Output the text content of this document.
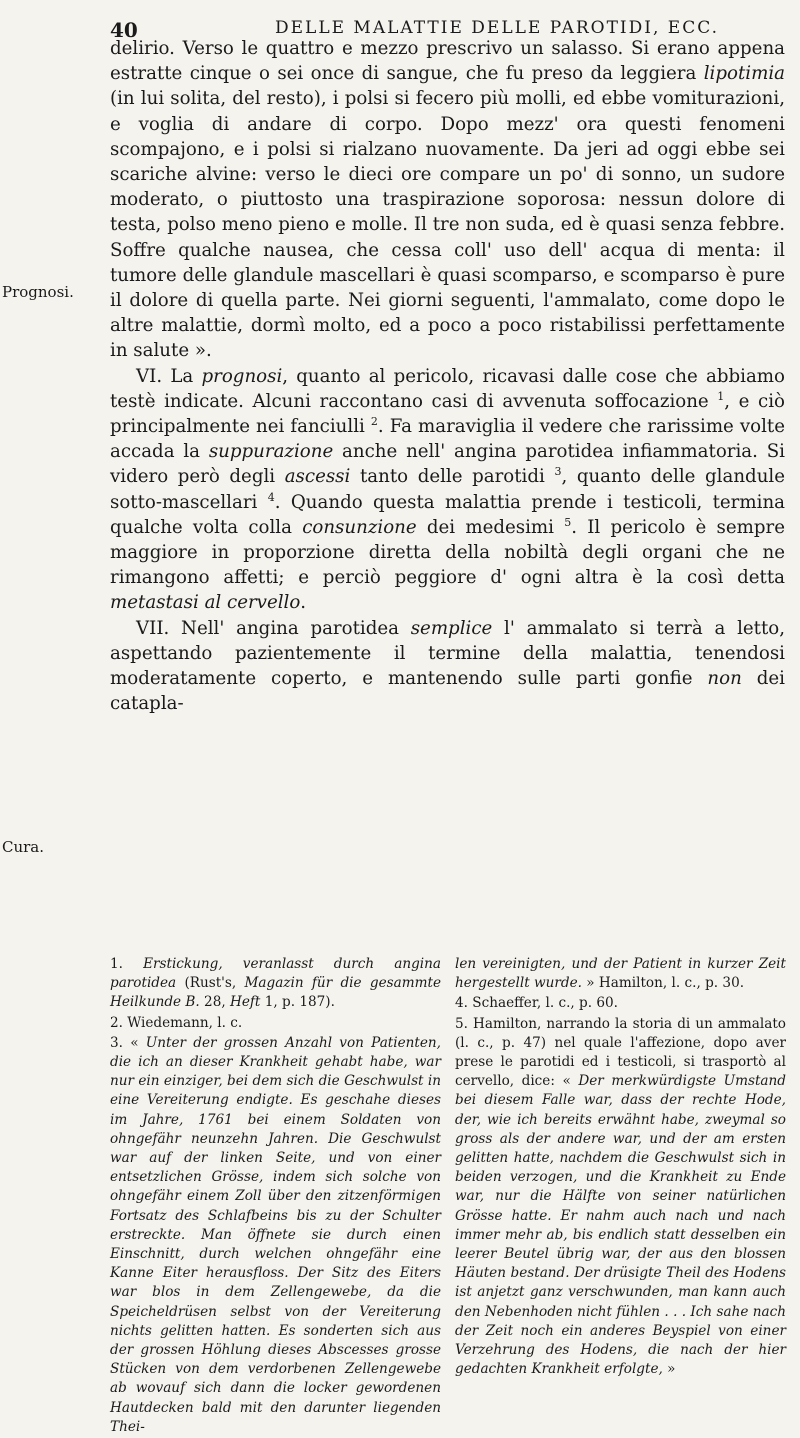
40	DELLE MALATTIE DELLE PAROTIDI, ECC.
Prognosi.
Cura.

delirio. Verso le quattro e mezzo prescrivo un salasso. Si erano appena estratte cinque o sei once di sangue, che fu preso da leggiera lipotimia (in lui solita, del resto), i polsi si fecero più molli, ed ebbe vomiturazioni, e voglia di andare di corpo. Dopo mezz' ora questi fenomeni scompajono, e i polsi si rialzano nuovamente. Da jeri ad oggi ebbe sei scariche alvine: verso le dieci ore compare un po' di sonno, un sudore moderato, o piuttosto una traspirazione soporosa: nessun dolore di testa, polso meno pieno e molle. Il tre non suda, ed è quasi senza febbre. Soffre qualche nausea, che cessa coll' uso dell' acqua di menta: il tumore delle glandule mascellari è quasi scomparso, e scomparso è pure il dolore di quella parte. Nei giorni seguenti, l'ammalato, come dopo le altre malattie, dormì molto, ed a poco a poco ristabilissi perfettamente in salute ».

VI. La prognosi, quanto al pericolo, ricavasi dalle cose che abbiamo testè indicate. Alcuni raccontano casi di avvenuta soffocazione $^1$, e ciò principalmente nei fanciulli $^2$. Fa maraviglia il vedere che rarissime volte accada la suppurazione anche nell' angina parotidea infiammatoria. Si videro però degli ascessi tanto delle parotidi $^3$, quanto delle glandule sotto-mascellari $^4$. Quando questa malattia prende i testicoli, termina qualche volta colla consunzione dei medesimi $^5$. Il pericolo è sempre maggiore in proporzione diretta della nobiltà degli organi che ne rimangono affetti; e perciò peggiore d' ogni altra è la così detta metastasi al cervello.

VII. Nell' angina parotidea semplice l' ammalato si terrà a letto, aspettando pazientemente il termine della malattia, tenendosi moderatamente coperto, e mantenendo sulle parti gonfie non dei catapla-

1. Erstickung, veranlasst durch angina parotidea (Rust's, Magazin für die gesammte Heilkunde B. 28, Heft 1, p. 187).

2. Wiedemann, l. c.

3. « Unter der grossen Anzahl von Patienten, die ich an dieser Krankheit gehabt habe, war nur ein einziger, bei dem sich die Geschwulst in eine Vereiterung endigte. Es geschahe dieses im Jahre, 1761 bei einem Soldaten von ohngefähr neunzehn Jahren. Die Geschwulst war auf der linken Seite, und von einer entsetzlichen Grösse, indem sich solche von ohngefähr einem Zoll über den zitzenförmigen Fortsatz des Schlafbeins bis zu der Schulter erstreckte. Man öffnete sie durch einen Einschnitt, durch welchen ohngefähr eine Kanne Eiter herausfloss. Der Sitz des Eiters war blos in dem Zellengewebe, da die Speicheldrüsen selbst von der Vereiterung nichts gelitten hatten. Es sonderten sich aus der grossen Höhlung dieses Abscesses grosse Stücken von dem verdorbenen Zellengewebe ab wovauf sich dann die locker gewordenen Hautdecken bald mit den darunter liegenden Thei-

len vereinigten, und der Patient in kurzer Zeit hergestellt wurde. » Hamilton, l. c., p. 30.

4. Schaeffer, l. c., p. 60.

5. Hamilton, narrando la storia di un ammalato (l. c., p. 47) nel quale l'affezione, dopo aver prese le parotidi ed i testicoli, si trasportò al cervello, dice: « Der merkwürdigste Umstand bei diesem Falle war, dass der rechte Hode, der, wie ich bereits erwähnt habe, zweymal so gross als der andere war, und der am ersten gelitten hatte, nachdem die Geschwulst sich in beiden verzogen, und die Krankheit zu Ende war, nur die Hälfte von seiner natürlichen Grösse hatte. Er nahm auch nach und nach immer mehr ab, bis endlich statt desselben ein leerer Beutel übrig war, der aus den blossen Häuten bestand. Der drüsigte Theil des Hodens ist anjetzt ganz verschwunden, man kann auch den Nebenhoden nicht fühlen . . . Ich sahe nach der Zeit noch ein anderes Beyspiel von einer Verzehrung des Hodens, die nach der hier gedachten Krankheit erfolgte, »
